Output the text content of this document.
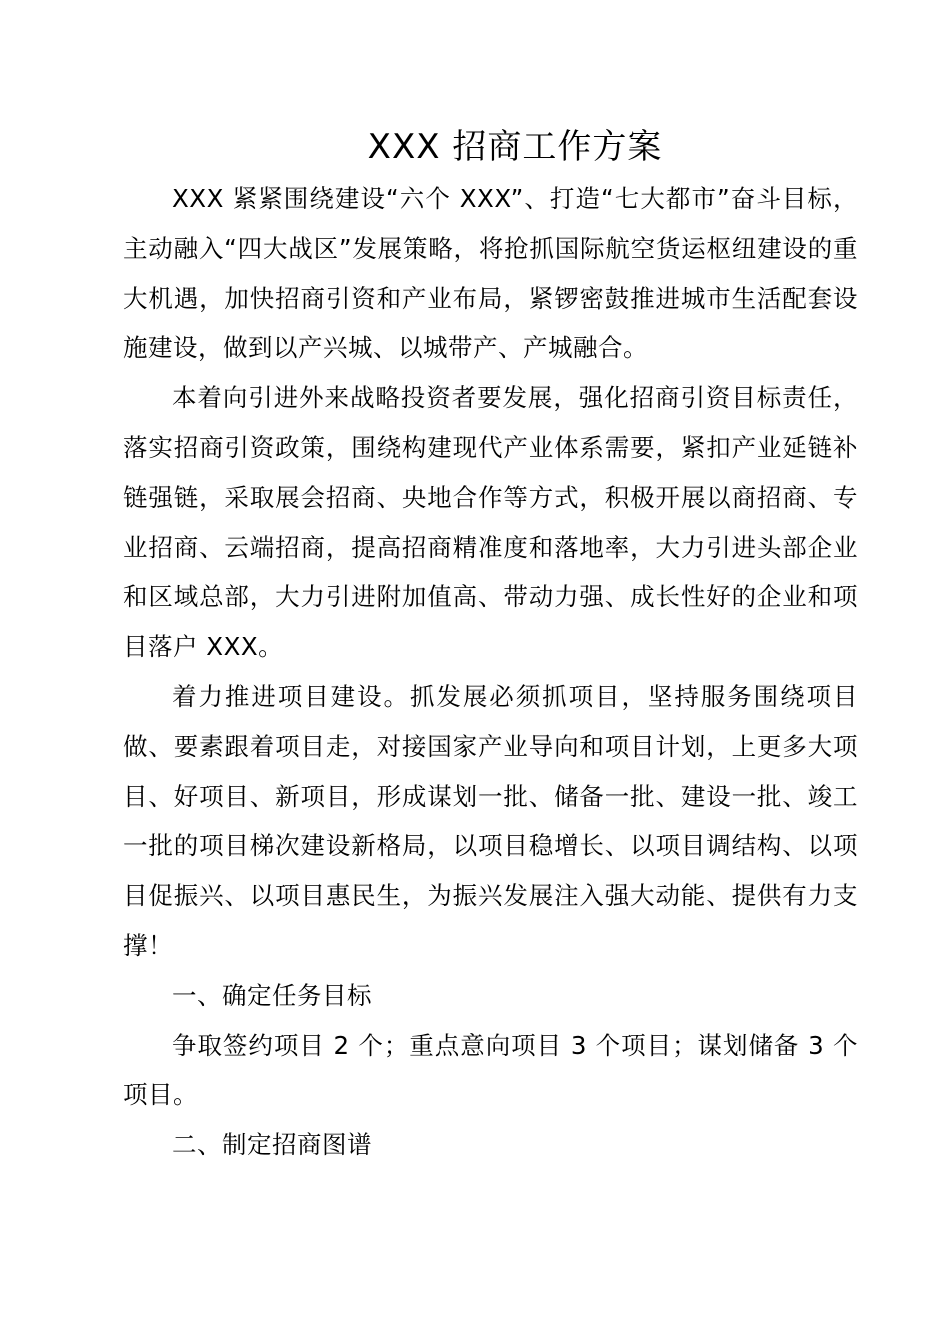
XXX 招商工作方案

XXX 紧紧围绕建设“六个 XXX”、打造“七大都市”奋斗目标，主动融入“四大战区”发展策略，将抢抓国际航空货运枢纽建设的重大机遇，加快招商引资和产业布局，紧锣密鼓推进城市生活配套设施建设，做到以产兴城、以城带产、产城融合。

本着向引进外来战略投资者要发展，强化招商引资目标责任，落实招商引资政策，围绕构建现代产业体系需要，紧扣产业延链补链强链，采取展会招商、央地合作等方式，积极开展以商招商、专业招商、云端招商，提高招商精准度和落地率，大力引进头部企业和区域总部，大力引进附加值高、带动力强、成长性好的企业和项目落户 XXX。

着力推进项目建设。抓发展必须抓项目，坚持服务围绕项目做、要素跟着项目走，对接国家产业导向和项目计划，上更多大项目、好项目、新项目，形成谋划一批、储备一批、建设一批、竣工一批的项目梯次建设新格局，以项目稳增长、以项目调结构、以项目促振兴、以项目惠民生，为振兴发展注入强大动能、提供有力支撑！

一、确定任务目标

争取签约项目 2 个；重点意向项目 3 个项目；谋划储备 3 个项目。

二、制定招商图谱
